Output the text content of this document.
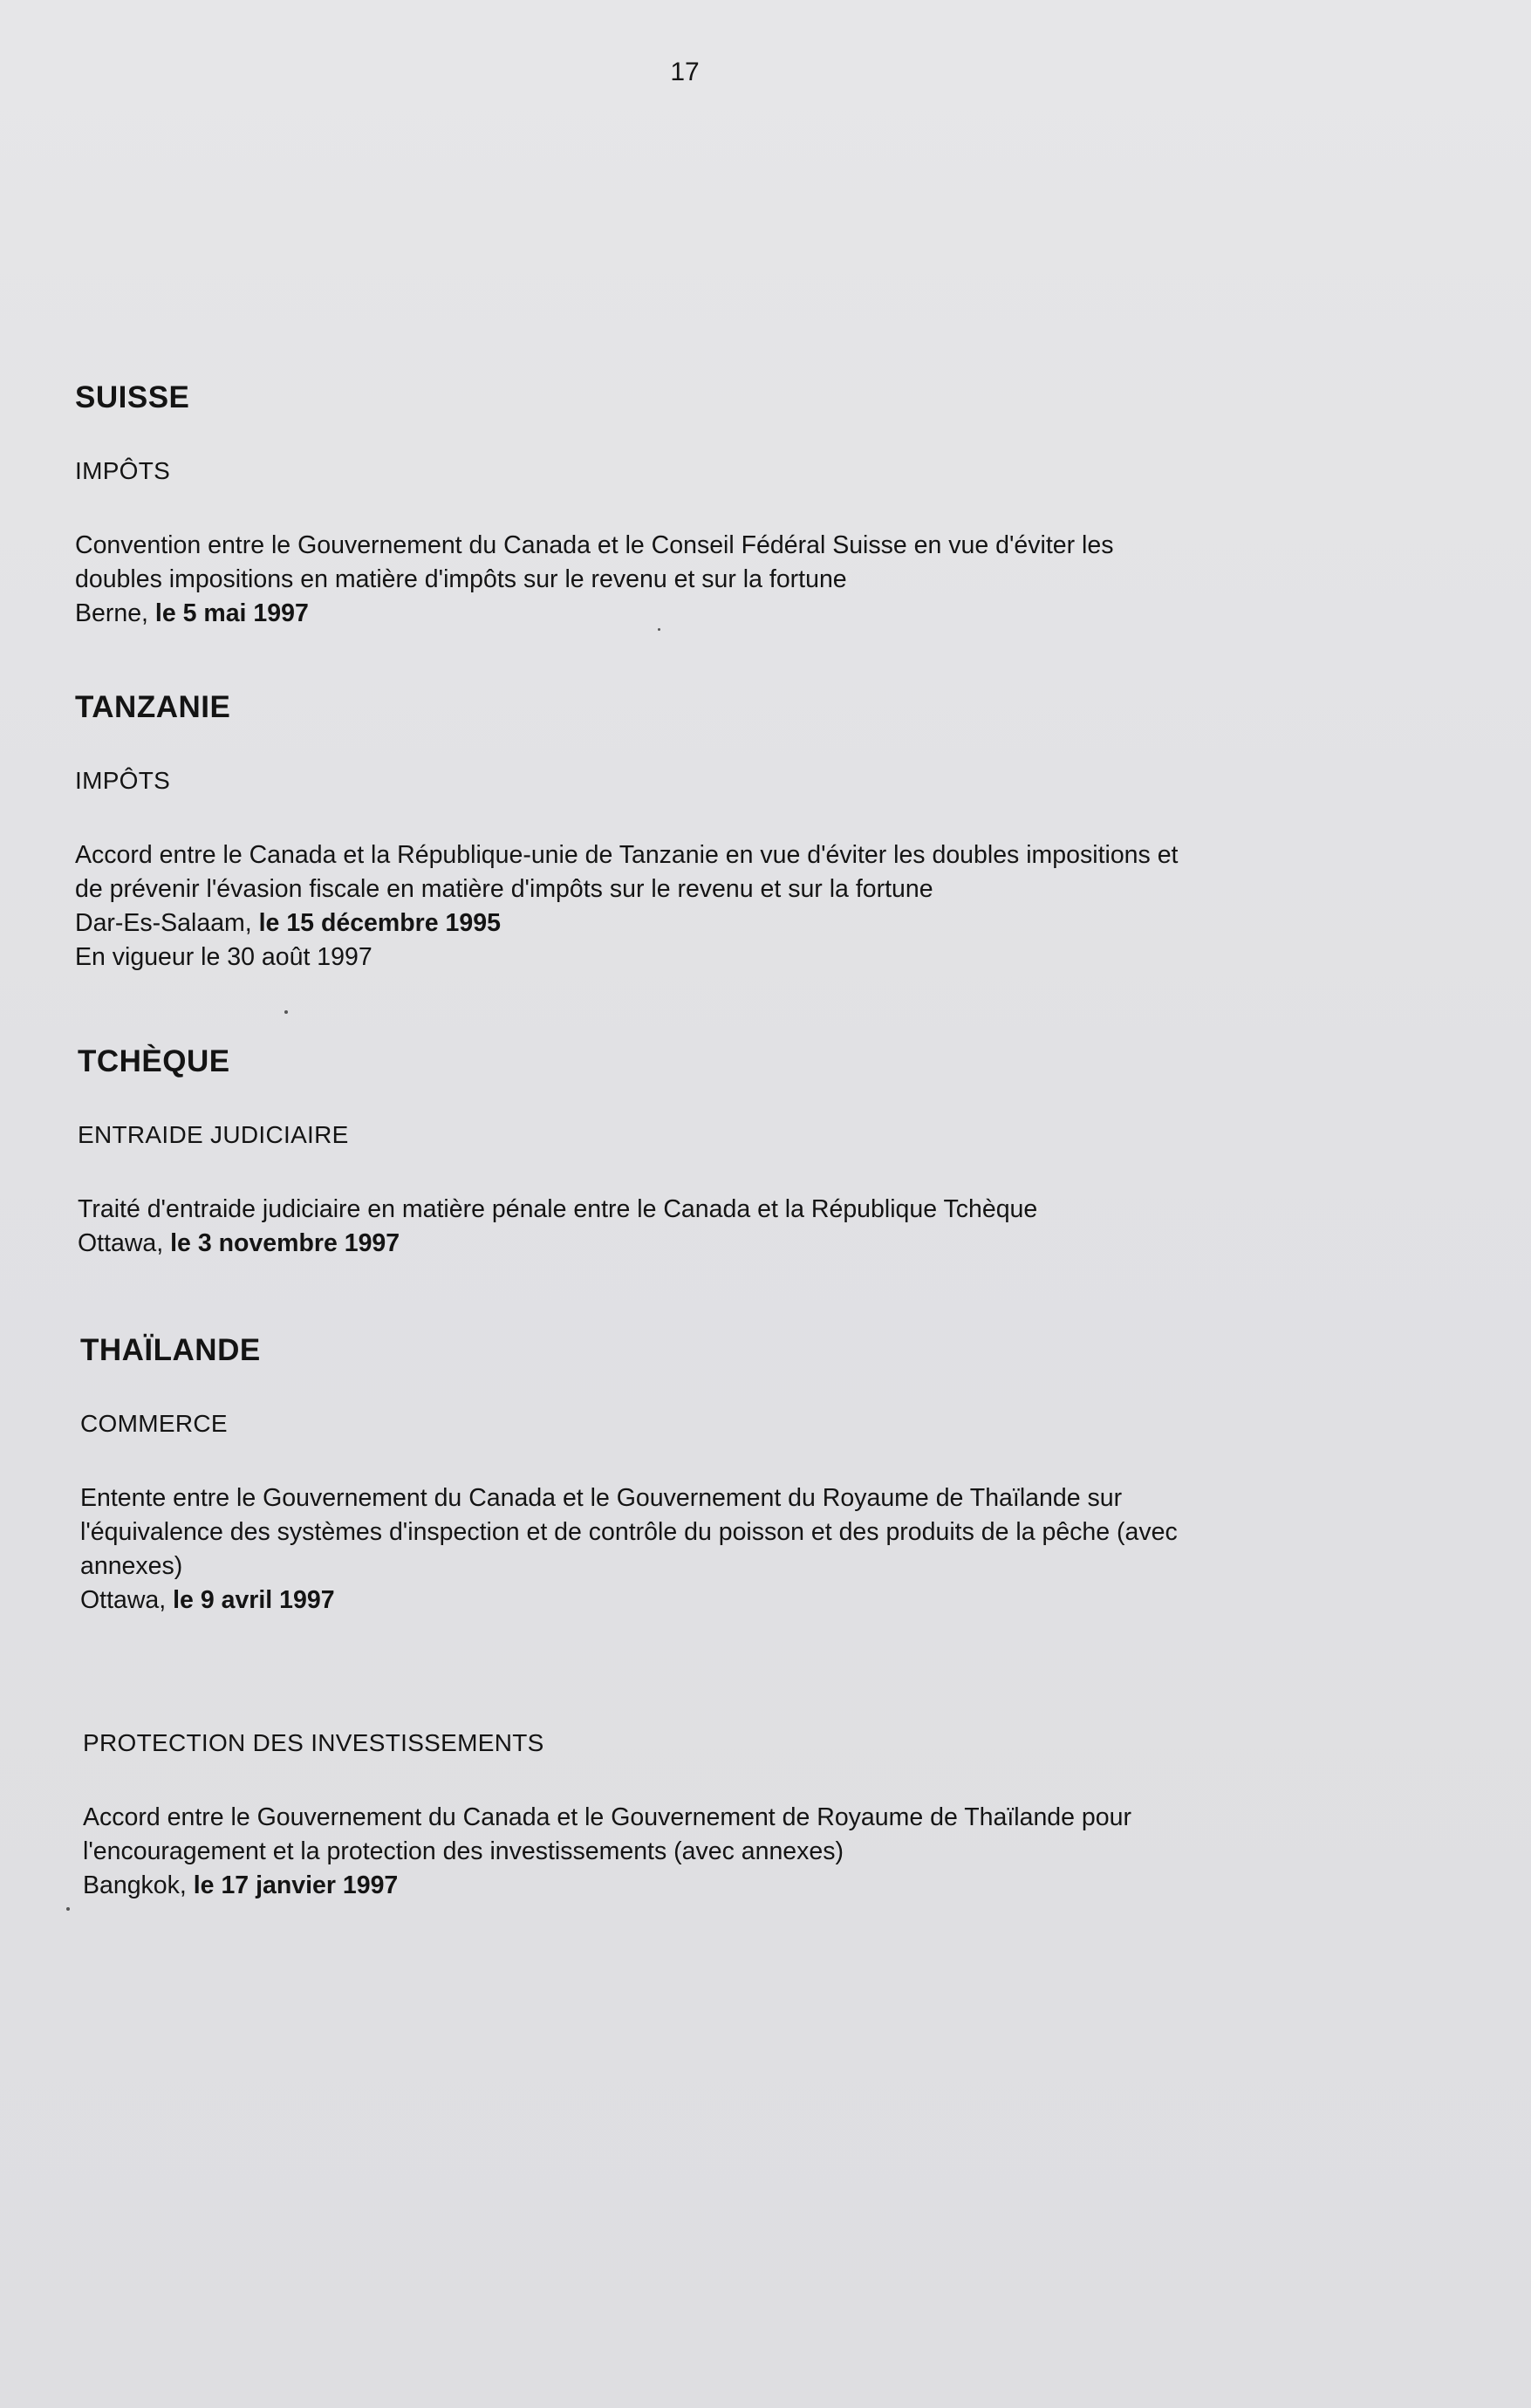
17
SUISSE
IMPÔTS
Convention entre le Gouvernement du Canada et le Conseil Fédéral Suisse en vue d'éviter les
doubles impositions en matière d'impôts sur le revenu et sur la fortune
Berne, le 5 mai 1997
TANZANIE
IMPÔTS
Accord entre le Canada et la République-unie de Tanzanie en vue d'éviter les doubles impositions et
de prévenir l'évasion fiscale en matière d'impôts sur le revenu et sur la fortune
Dar-Es-Salaam, le 15 décembre 1995
En vigueur le 30 août 1997
TCHÈQUE
ENTRAIDE JUDICIAIRE
Traité d'entraide judiciaire en matière pénale entre le Canada et la République Tchèque
Ottawa, le 3 novembre 1997
THAÏLANDE
COMMERCE
Entente entre le Gouvernement du Canada et le Gouvernement du Royaume de Thaïlande sur
l'équivalence des systèmes d'inspection et de contrôle du poisson et des produits de la pêche (avec
annexes)
Ottawa, le 9 avril 1997
PROTECTION DES INVESTISSEMENTS
Accord entre le Gouvernement du Canada et le Gouvernement de Royaume de Thaïlande pour
l'encouragement et la protection des investissements (avec annexes)
Bangkok, le 17 janvier 1997
